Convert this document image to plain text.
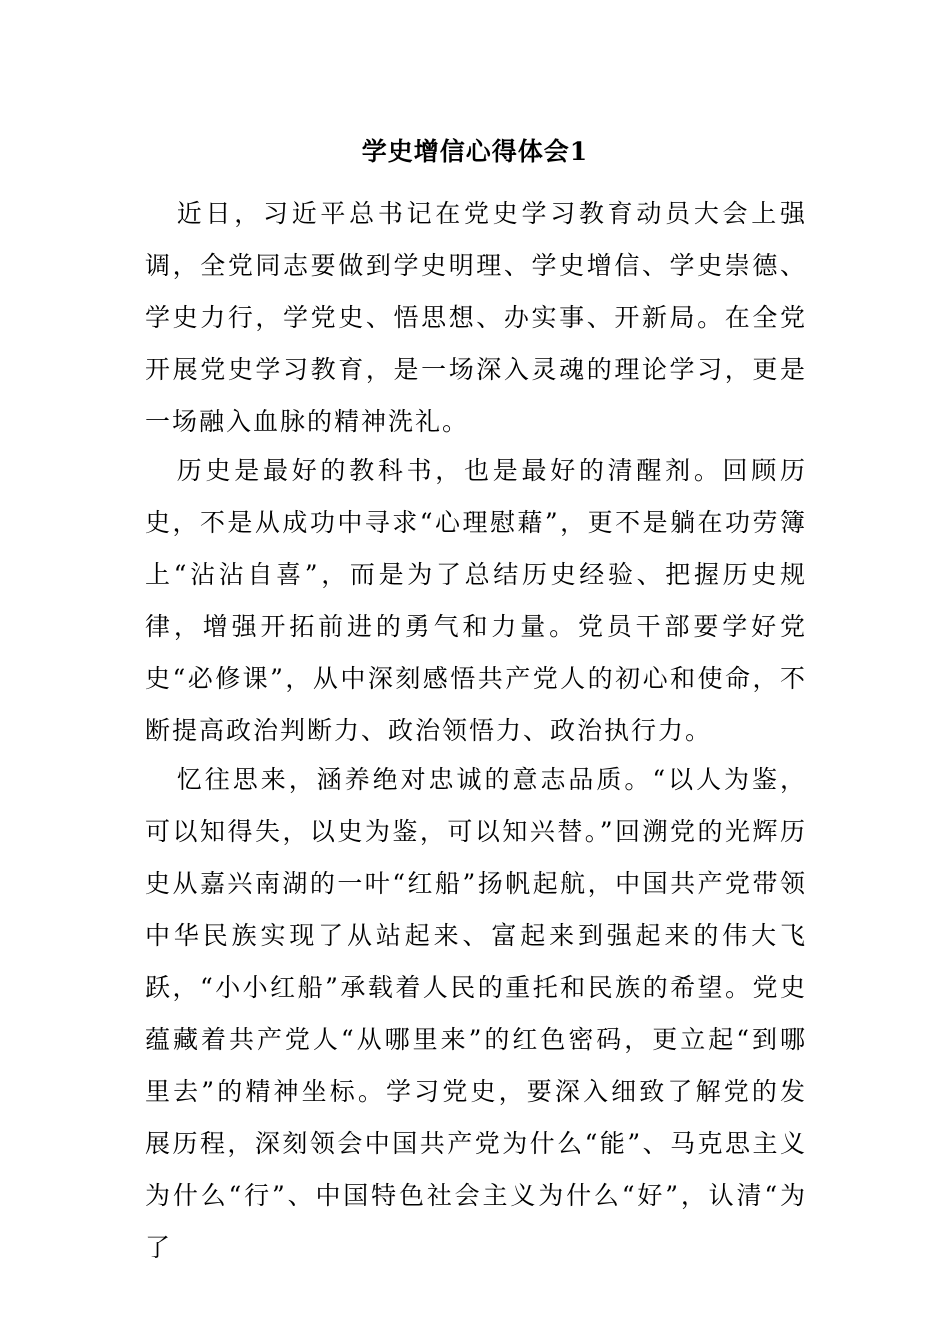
学史增信心得体会1

近日，习近平总书记在党史学习教育动员大会上强调，全党同志要做到学史明理、学史增信、学史崇德、学史力行，学党史、悟思想、办实事、开新局。在全党开展党史学习教育，是一场深入灵魂的理论学习，更是一场融入血脉的精神洗礼。

历史是最好的教科书，也是最好的清醒剂。回顾历史，不是从成功中寻求“心理慰藉”，更不是躺在功劳簿上“沾沾自喜”，而是为了总结历史经验、把握历史规律，增强开拓前进的勇气和力量。党员干部要学好党史“必修课”，从中深刻感悟共产党人的初心和使命，不断提高政治判断力、政治领悟力、政治执行力。

忆往思来，涵养绝对忠诚的意志品质。“以人为鉴，可以知得失，以史为鉴，可以知兴替。”回溯党的光辉历史从嘉兴南湖的一叶“红船”扬帆起航，中国共产党带领中华民族实现了从站起来、富起来到强起来的伟大飞跃，“小小红船”承载着人民的重托和民族的希望。党史蕴藏着共产党人“从哪里来”的红色密码，更立起“到哪里去”的精神坐标。学习党史，要深入细致了解党的发展历程，深刻领会中国共产党为什么“能”、马克思主义为什么“行”、中国特色社会主义为什么“好”，认清“为了
